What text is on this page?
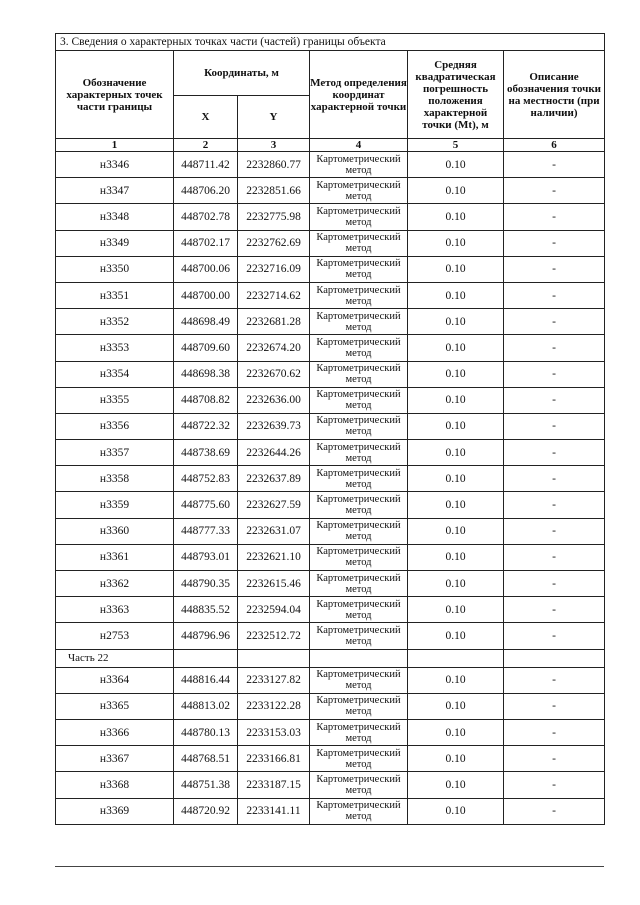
3. Сведения о характерных точках части (частей) границы объекта					
Обозначение характерных точек части границы	Координаты, м		Метод определения координат характерной точки	Средняя квадратическая погрешность положения характерной точки (Mt), м	Описание обозначения точки на местности (при наличии)
	X	Y			
1	2	3	4	5	6
н3346	448711.42	2232860.77	Картометрический метод	0.10	-
н3347	448706.20	2232851.66	Картометрический метод	0.10	-
н3348	448702.78	2232775.98	Картометрический метод	0.10	-
н3349	448702.17	2232762.69	Картометрический метод	0.10	-
н3350	448700.06	2232716.09	Картометрический метод	0.10	-
н3351	448700.00	2232714.62	Картометрический метод	0.10	-
н3352	448698.49	2232681.28	Картометрический метод	0.10	-
н3353	448709.60	2232674.20	Картометрический метод	0.10	-
н3354	448698.38	2232670.62	Картометрический метод	0.10	-
н3355	448708.82	2232636.00	Картометрический метод	0.10	-
н3356	448722.32	2232639.73	Картометрический метод	0.10	-
н3357	448738.69	2232644.26	Картометрический метод	0.10	-
н3358	448752.83	2232637.89	Картометрический метод	0.10	-
н3359	448775.60	2232627.59	Картометрический метод	0.10	-
н3360	448777.33	2232631.07	Картометрический метод	0.10	-
н3361	448793.01	2232621.10	Картометрический метод	0.10	-
н3362	448790.35	2232615.46	Картометрический метод	0.10	-
н3363	448835.52	2232594.04	Картометрический метод	0.10	-
н2753	448796.96	2232512.72	Картометрический метод	0.10	-
Часть 22					
н3364	448816.44	2233127.82	Картометрический метод	0.10	-
н3365	448813.02	2233122.28	Картометрический метод	0.10	-
н3366	448780.13	2233153.03	Картометрический метод	0.10	-
н3367	448768.51	2233166.81	Картометрический метод	0.10	-
н3368	448751.38	2233187.15	Картометрический метод	0.10	-
н3369	448720.92	2233141.11	Картометрический метод	0.10	-
